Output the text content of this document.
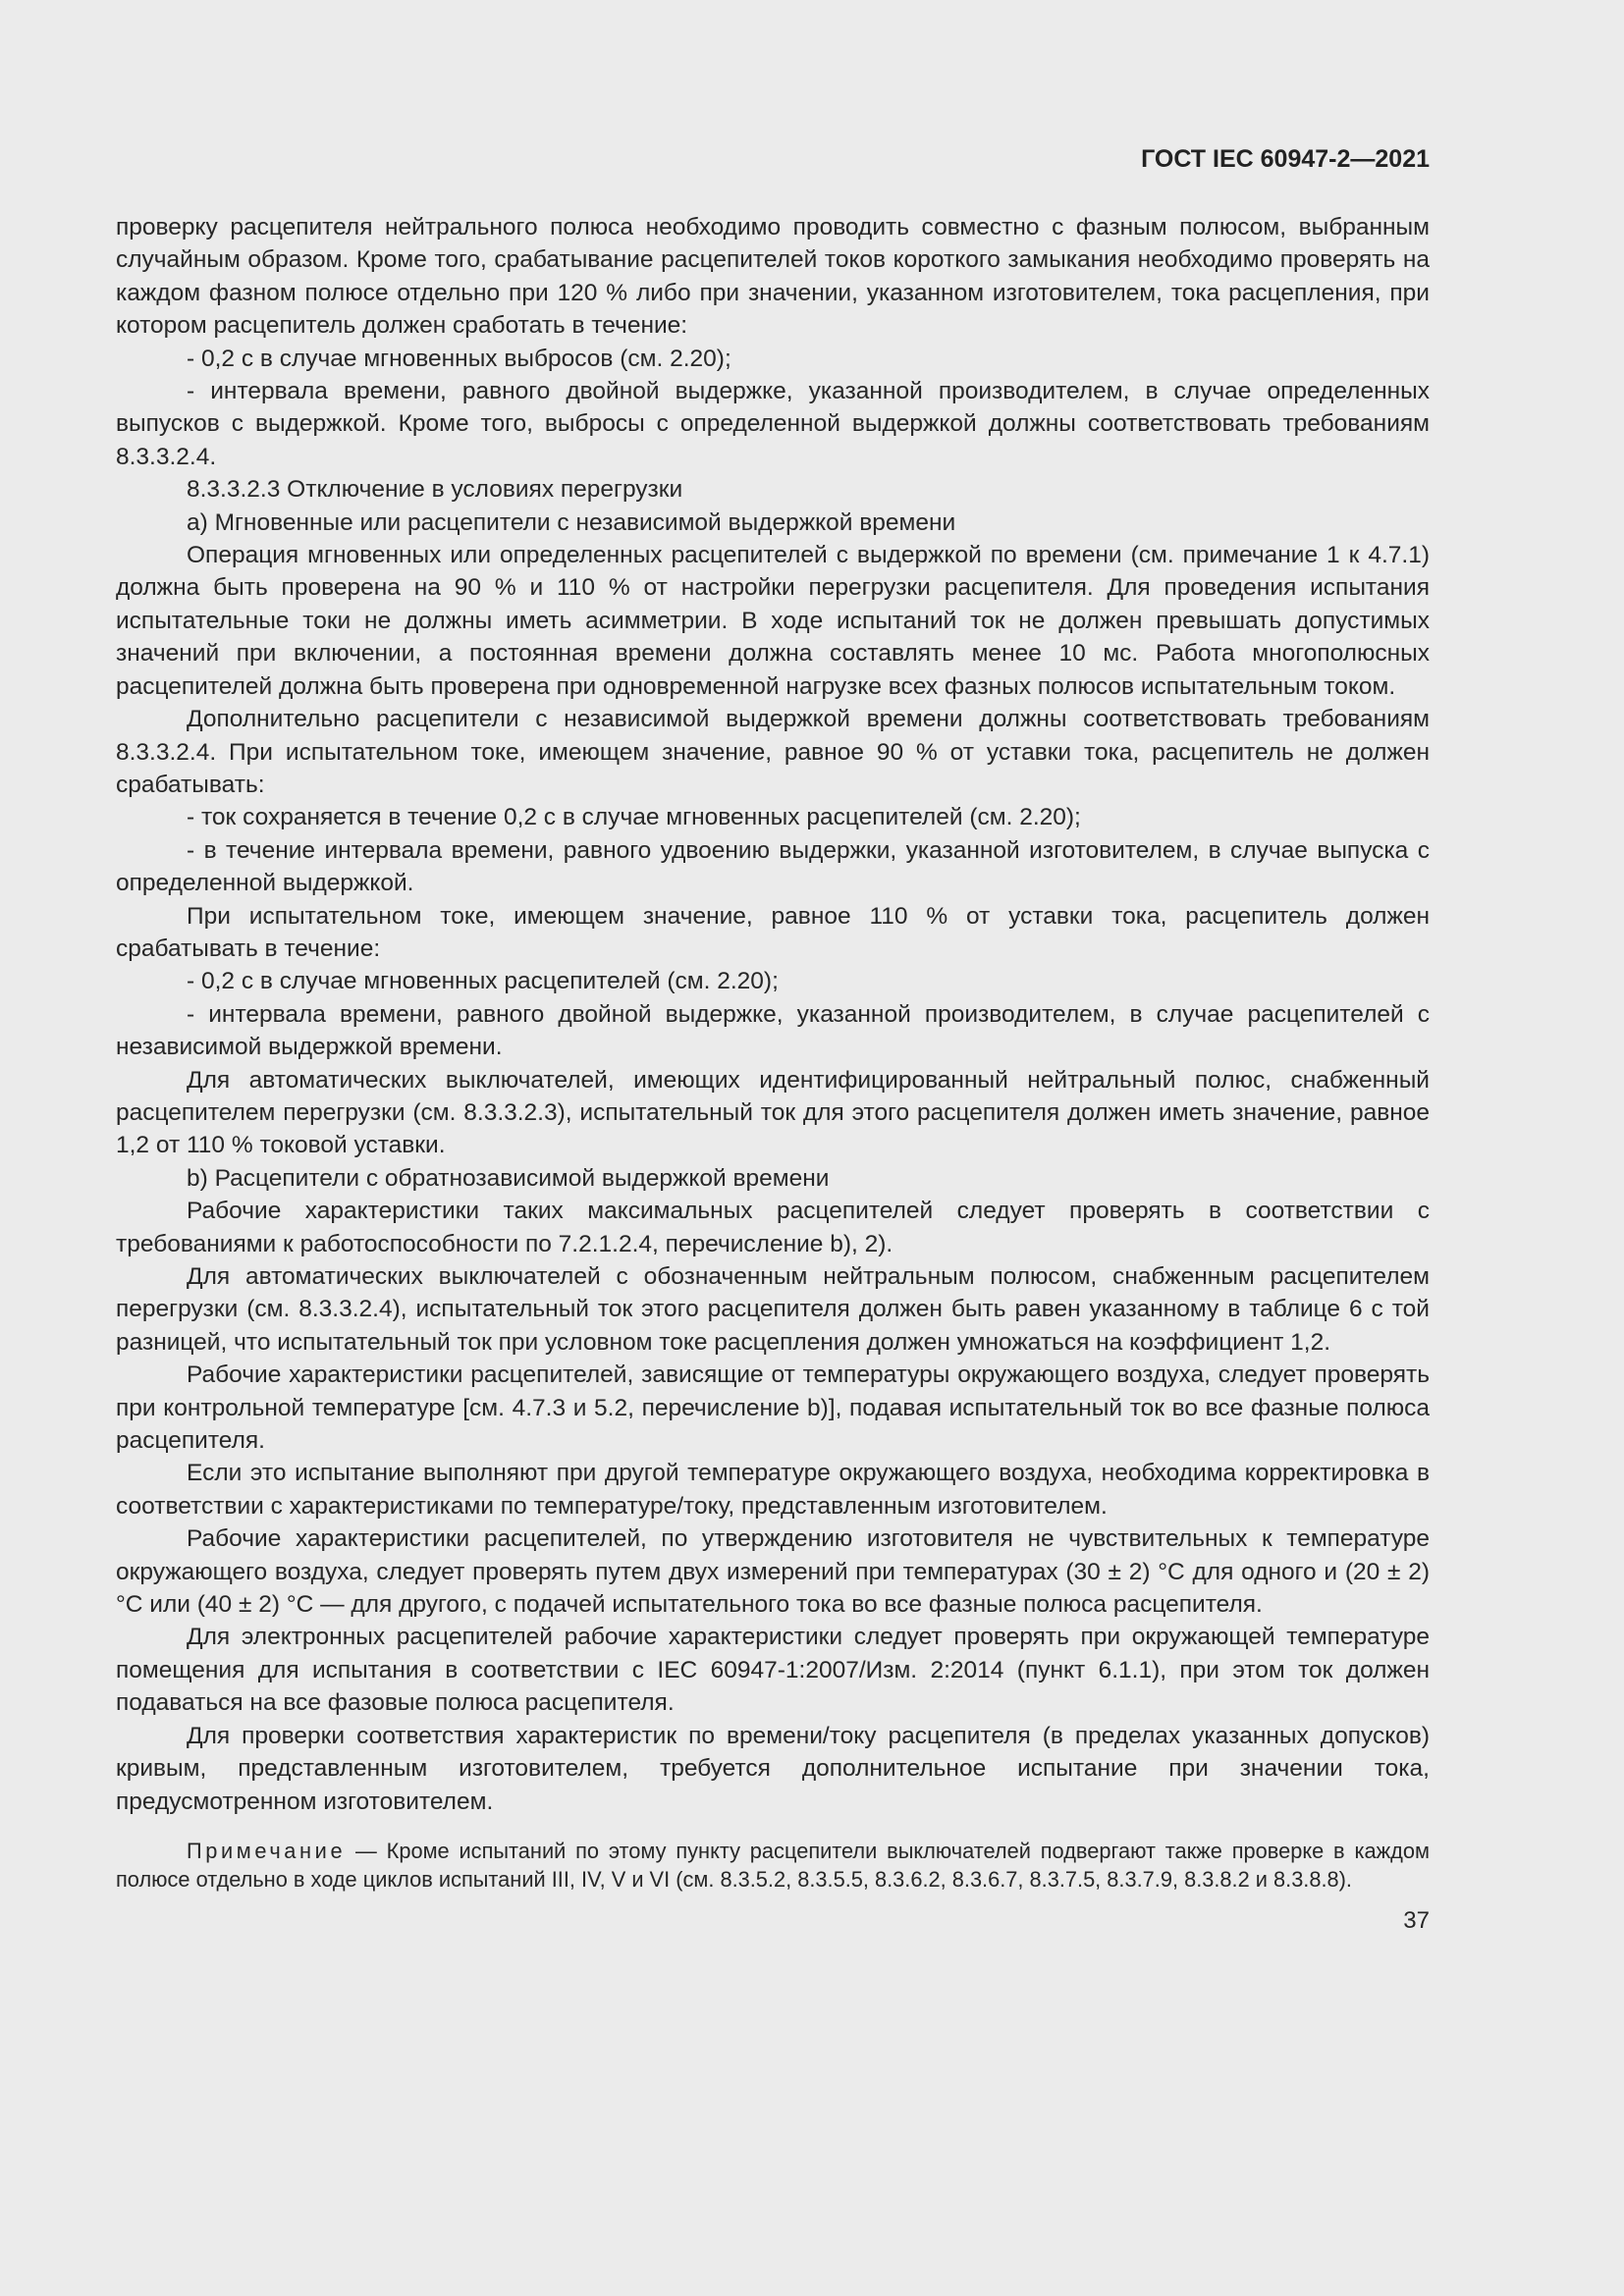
ГОСТ IEC 60947-2—2021

проверку расцепителя нейтрального полюса необходимо проводить совместно с фазным полюсом, выбранным случайным образом. Кроме того, срабатывание расцепителей токов короткого замыкания необходимо проверять на каждом фазном полюсе отдельно при 120 % либо при значении, указанном изготовителем, тока расцепления, при котором расцепитель должен сработать в течение:

- 0,2 с в случае мгновенных выбросов (см. 2.20);

- интервала времени, равного двойной выдержке, указанной производителем, в случае определенных выпусков с выдержкой. Кроме того, выбросы с определенной выдержкой должны соответствовать требованиям 8.3.3.2.4.

8.3.3.2.3 Отключение в условиях перегрузки

a) Мгновенные или расцепители с независимой выдержкой времени

Операция мгновенных или определенных расцепителей с выдержкой по времени (см. примечание 1 к 4.7.1) должна быть проверена на 90 % и 110 % от настройки перегрузки расцепителя. Для проведения испытания испытательные токи не должны иметь асимметрии. В ходе испытаний ток не должен превышать допустимых значений при включении, а постоянная времени должна составлять менее 10 мс. Работа многополюсных расцепителей должна быть проверена при одновременной нагрузке всех фазных полюсов испытательным током.

Дополнительно расцепители с независимой выдержкой времени должны соответствовать требованиям 8.3.3.2.4. При испытательном токе, имеющем значение, равное 90 % от уставки тока, расцепитель не должен срабатывать:

- ток сохраняется в течение 0,2 с в случае мгновенных расцепителей (см. 2.20);

- в течение интервала времени, равного удвоению выдержки, указанной изготовителем, в случае выпуска с определенной выдержкой.

При испытательном токе, имеющем значение, равное 110 % от уставки тока, расцепитель должен срабатывать в течение:

- 0,2 с в случае мгновенных расцепителей (см. 2.20);

- интервала времени, равного двойной выдержке, указанной производителем, в случае расцепителей с независимой выдержкой времени.

Для автоматических выключателей, имеющих идентифицированный нейтральный полюс, снабженный расцепителем перегрузки (см. 8.3.3.2.3), испытательный ток для этого расцепителя должен иметь значение, равное 1,2 от 110 % токовой уставки.

b) Расцепители с обратнозависимой выдержкой времени

Рабочие характеристики таких максимальных расцепителей следует проверять в соответствии с требованиями к работоспособности по 7.2.1.2.4, перечисление b), 2).

Для автоматических выключателей с обозначенным нейтральным полюсом, снабженным расцепителем перегрузки (см. 8.3.3.2.4), испытательный ток этого расцепителя должен быть равен указанному в таблице 6 с той разницей, что испытательный ток при условном токе расцепления должен умножаться на коэффициент 1,2.

Рабочие характеристики расцепителей, зависящие от температуры окружающего воздуха, следует проверять при контрольной температуре [см. 4.7.3 и 5.2, перечисление b)], подавая испытательный ток во все фазные полюса расцепителя.

Если это испытание выполняют при другой температуре окружающего воздуха, необходима корректировка в соответствии с характеристиками по температуре/току, представленным изготовителем.

Рабочие характеристики расцепителей, по утверждению изготовителя не чувствительных к температуре окружающего воздуха, следует проверять путем двух измерений при температурах (30 ± 2) °С для одного и (20 ± 2) °С или (40 ± 2) °С — для другого, с подачей испытательного тока во все фазные полюса расцепителя.

Для электронных расцепителей рабочие характеристики следует проверять при окружающей температуре помещения для испытания в соответствии с IEC 60947-1:2007/Изм. 2:2014 (пункт 6.1.1), при этом ток должен подаваться на все фазовые полюса расцепителя.

Для проверки соответствия характеристик по времени/току расцепителя (в пределах указанных допусков) кривым, представленным изготовителем, требуется дополнительное испытание при значении тока, предусмотренном изготовителем.

Примечание — Кроме испытаний по этому пункту расцепители выключателей подвергают также проверке в каждом полюсе отдельно в ходе циклов испытаний III, IV, V и VI (см. 8.3.5.2, 8.3.5.5, 8.3.6.2, 8.3.6.7, 8.3.7.5, 8.3.7.9, 8.3.8.2 и 8.3.8.8).

37
